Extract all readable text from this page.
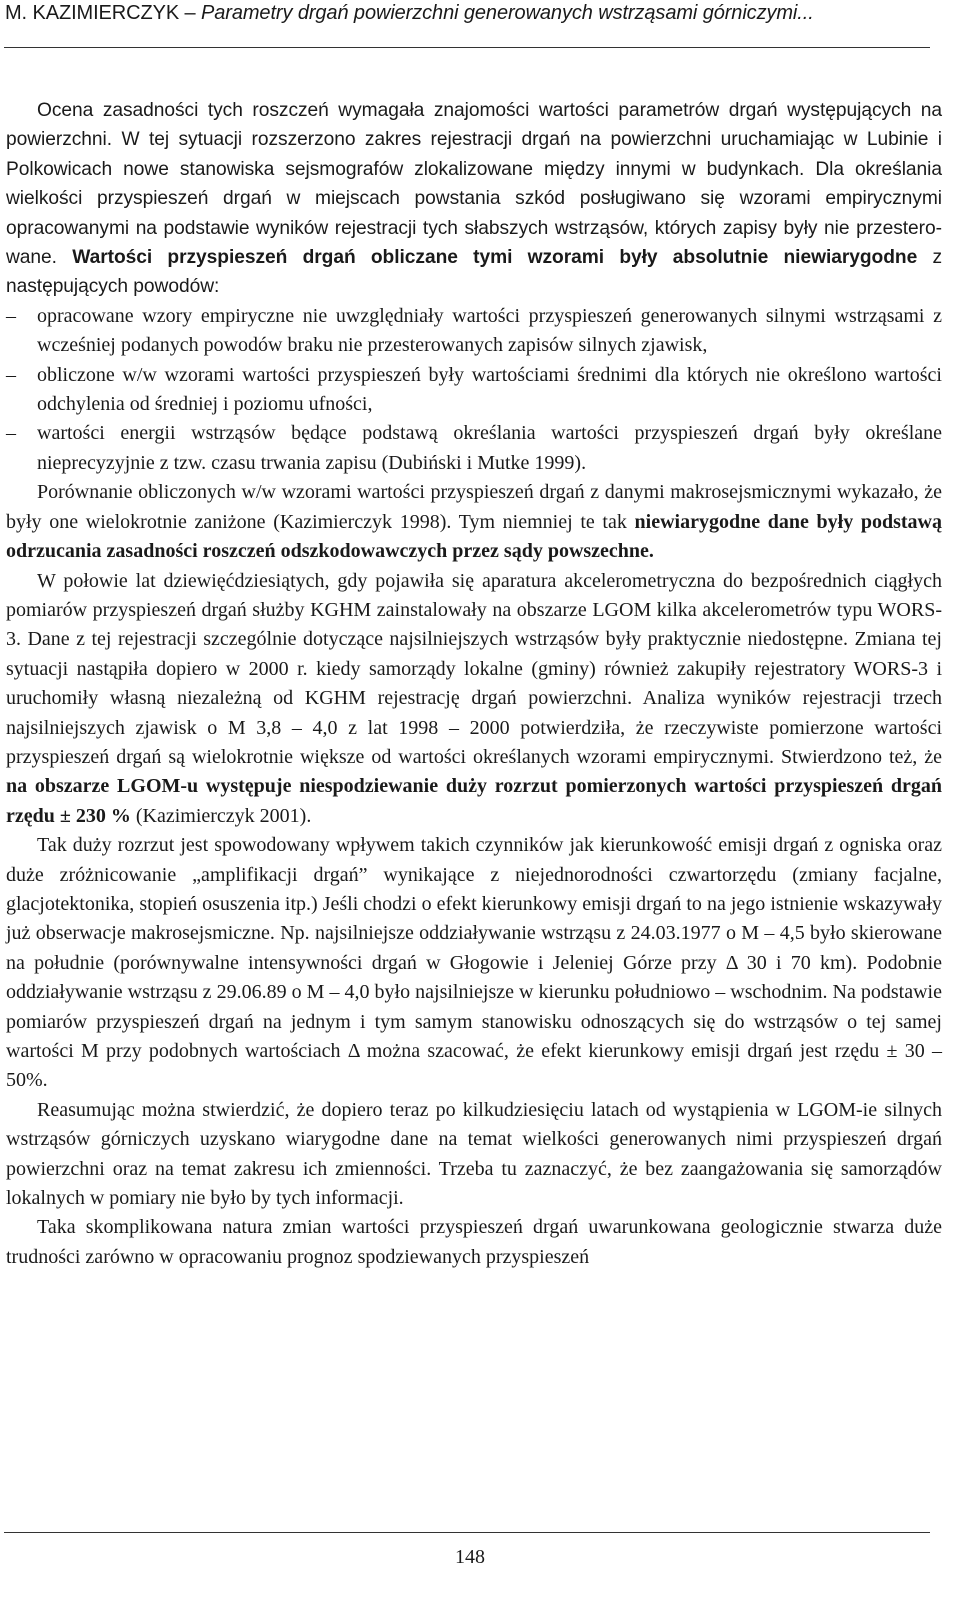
M. KAZIMIERCZYK – Parametry drgań powierzchni generowanych wstrząsami górniczymi...

Ocena zasadności tych roszczeń wymagała znajomości wartości parametrów drgań występujących na powierzchni. W tej sytuacji rozszerzono zakres rejestracji drgań na powierzchni uruchamiając w Lubinie i Polkowicach nowe stanowiska sejsmografów zlokalizowane między innymi w budynkach. Dla określania wielkości przyspieszeń drgań w miejscach powstania szkód posługiwano się wzorami empirycznymi opracowanymi na podstawie wyników rejestracji tych słabszych wstrząsów, których zapisy były nie przesterowane. Wartości przyspieszeń drgań obliczane tymi wzorami były absolutnie niewiarygodne z następujących powodów:

–	opracowane wzory empiryczne nie uwzględniały wartości przyspieszeń generowanych silnymi wstrząsami z wcześniej podanych powodów braku nie przesterowanych zapisów silnych zjawisk,
–	obliczone w/w wzorami wartości przyspieszeń były wartościami średnimi dla których nie określono wartości odchylenia od średniej i poziomu ufności,
–	wartości energii wstrząsów będące podstawą określania wartości przyspieszeń drgań były określane nieprecyzyjnie z tzw. czasu trwania zapisu (Dubiński i Mutke 1999).

Porównanie obliczonych w/w wzorami wartości przyspieszeń drgań z danymi makrosejsmicznymi wykazało, że były one wielokrotnie zaniżone (Kazimierczyk 1998). Tym niemniej te tak niewiarygodne dane były podstawą odrzucania zasadności roszczeń odszkodowawczych przez sądy powszechne.

W połowie lat dziewięćdziesiątych, gdy pojawiła się aparatura akcelerometryczna do bezpośrednich ciągłych pomiarów przyspieszeń drgań służby KGHM zainstalowały na obszarze LGOM kilka akcelerometrów typu WORS-3. Dane z tej rejestracji szczególnie dotyczące najsilniejszych wstrząsów były praktycznie niedostępne. Zmiana tej sytuacji nastąpiła dopiero w 2000 r. kiedy samorządy lokalne (gminy) również zakupiły rejestratory WORS-3 i uruchomiły własną niezależną od KGHM rejestrację drgań powierzchni. Analiza wyników rejestracji trzech najsilniejszych zjawisk o M 3,8 – 4,0 z lat 1998 – 2000 potwierdziła, że rzeczywiste pomierzone wartości przyspieszeń drgań są wielokrotnie większe od wartości określanych wzorami empirycznymi. Stwierdzono też, że na obszarze LGOM-u występuje niespodziewanie duży rozrzut pomierzonych wartości przyspieszeń drgań rzędu ± 230 % (Kazimierczyk 2001).

Tak duży rozrzut jest spowodowany wpływem takich czynników jak kierunkowość emisji drgań z ogniska oraz duże zróżnicowanie „amplifikacji drgań” wynikające z niejednorodności czwartorzędu (zmiany facjalne, glacjotektonika, stopień osuszenia itp.) Jeśli chodzi o efekt kierunkowy emisji drgań to na jego istnienie wskazywały już obserwacje makrosejsmiczne. Np. najsilniejsze oddziaływanie wstrząsu z 24.03.1977 o M – 4,5 było skierowane na południe (porównywalne intensywności drgań w Głogowie i Jeleniej Górze przy Δ 30 i 70 km). Podobnie oddziaływanie wstrząsu z 29.06.89 o M – 4,0 było najsilniejsze w kierunku południowo – wschodnim. Na podstawie pomiarów przyspieszeń drgań na jednym i tym samym stanowisku odnoszących się do wstrząsów o tej samej wartości M przy podobnych wartościach Δ można szacować, że efekt kierunkowy emisji drgań jest rzędu ± 30 – 50%.

Reasumując można stwierdzić, że dopiero teraz po kilkudziesięciu latach od wystąpienia w LGOM-ie silnych wstrząsów górniczych uzyskano wiarygodne dane na temat wielkości generowanych nimi przyspieszeń drgań powierzchni oraz na temat zakresu ich zmienności. Trzeba tu zaznaczyć, że bez zaangażowania się samorządów lokalnych w pomiary nie było by tych informacji.

Taka skomplikowana natura zmian wartości przyspieszeń drgań uwarunkowana geologicznie stwarza duże trudności zarówno w opracowaniu prognoz spodziewanych przyspieszeń

148
